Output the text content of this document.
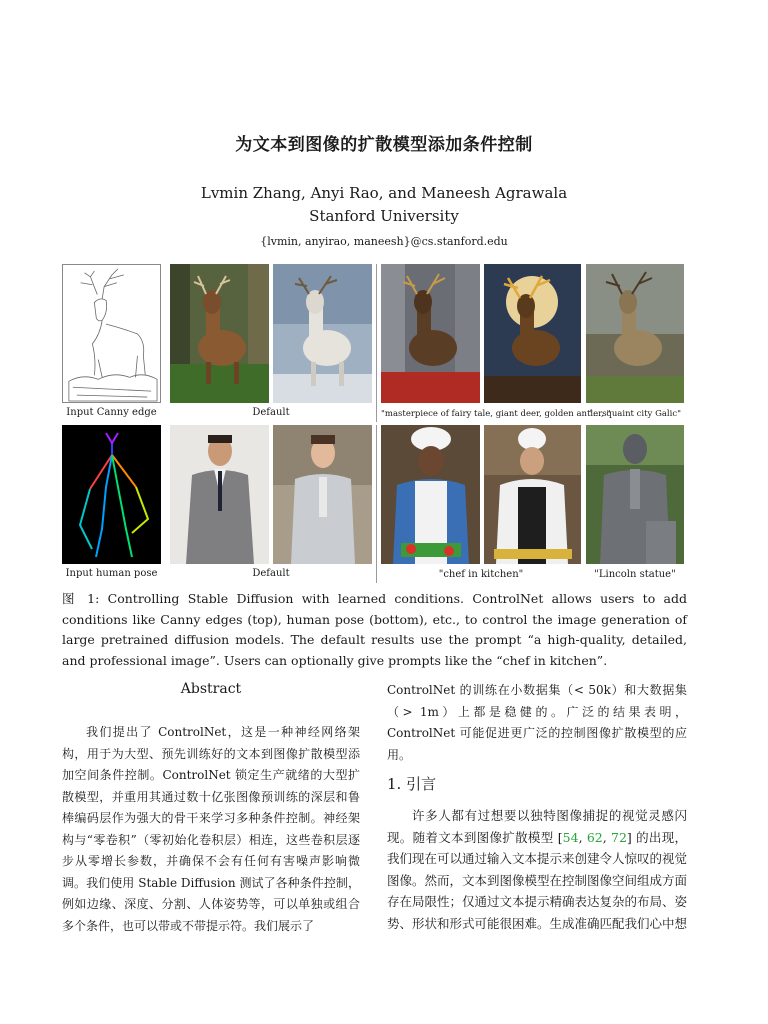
为文本到图像的扩散模型添加条件控制
Lvmin Zhang, Anyi Rao, and Maneesh Agrawala
Stanford University
{lvmin, anyirao, maneesh}@cs.stanford.edu
Input Canny edge	Default	"masterpiece of fairy tale, giant deer, golden antlers"
"..., quaint city Galic"
Input human pose	Default	"chef in kitchen"	"Lincoln statue"
图 1: Controlling Stable Diffusion with learned conditions. ControlNet allows users to add conditions like Canny edges (top), human pose (bottom), etc., to control the image generation of large pretrained diffusion models. The default results use the prompt “a high-quality, detailed, and professional image”. Users can optionally give prompts like the “chef in kitchen”.
Abstract
我们提出了 ControlNet，这是一种神经网络架构，用于为大型、预先训练好的文本到图像扩散模型添加空间条件控制。ControlNet 锁定生产就绪的大型扩散模型，并重用其通过数十亿张图像预训练的深层和鲁棒编码层作为强大的骨干来学习多种条件控制。神经架构与“零卷积”（零初始化卷积层）相连，这些卷积层逐步从零增长参数，并确保不会有任何有害噪声影响微调。我们使用 Stable Diffusion 测试了各种条件控制，例如边缘、深度、分割、人体姿势等，可以单独或组合多个条件，也可以带或不带提示符。我们展示了
ControlNet 的训练在小数据集（< 50k）和大数据集（> 1m）上都是稳健的。广泛的结果表明，ControlNet 可能促进更广泛的控制图像扩散模型的应用。
1. 引言
许多人都有过想要以独特图像捕捉的视觉灵感闪现。随着文本到图像扩散模型 [54, 62, 72] 的出现，我们现在可以通过输入文本提示来创建令人惊叹的视觉图像。然而，文本到图像模型在控制图像空间组成方面存在局限性；仅通过文本提示精确表达复杂的布局、姿势、形状和形式可能很困难。生成准确匹配我们心中想
